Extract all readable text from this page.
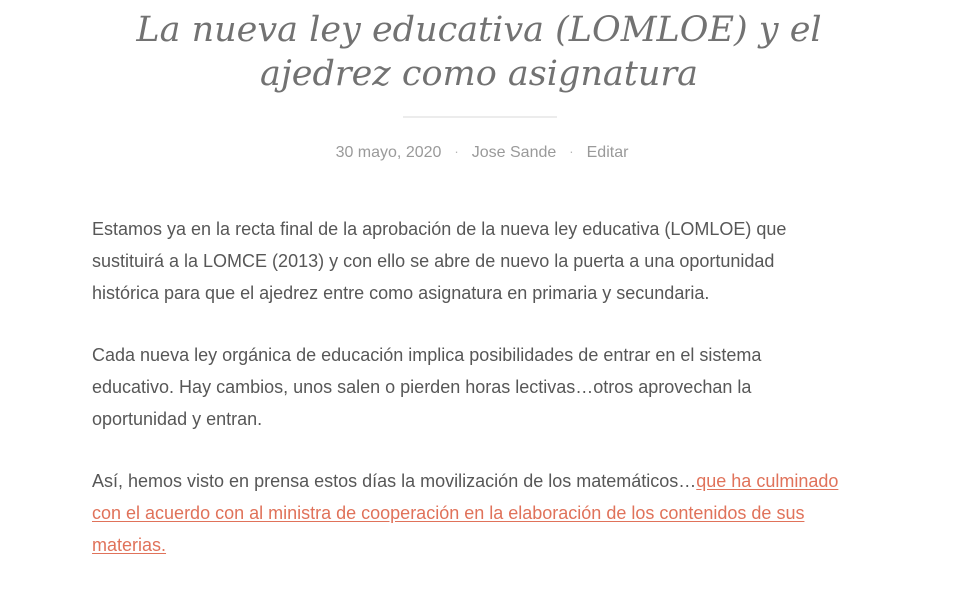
La nueva ley educativa (LOMLOE) y el ajedrez como asignatura
30 mayo, 2020 · Jose Sande · Editar

Estamos ya en la recta final de la aprobación de la nueva ley educativa (LOMLOE) que sustituirá a la LOMCE (2013) y con ello se abre de nuevo la puerta a una oportunidad histórica para que el ajedrez entre como asignatura en primaria y secundaria.

Cada nueva ley orgánica de educación implica posibilidades de entrar en el sistema educativo. Hay cambios, unos salen o pierden horas lectivas…otros aprovechan la oportunidad y entran.

Así, hemos visto en prensa estos días la movilización de los matemáticos…que ha culminado con el acuerdo con al ministra de cooperación en la elaboración de los contenidos de sus materias.
